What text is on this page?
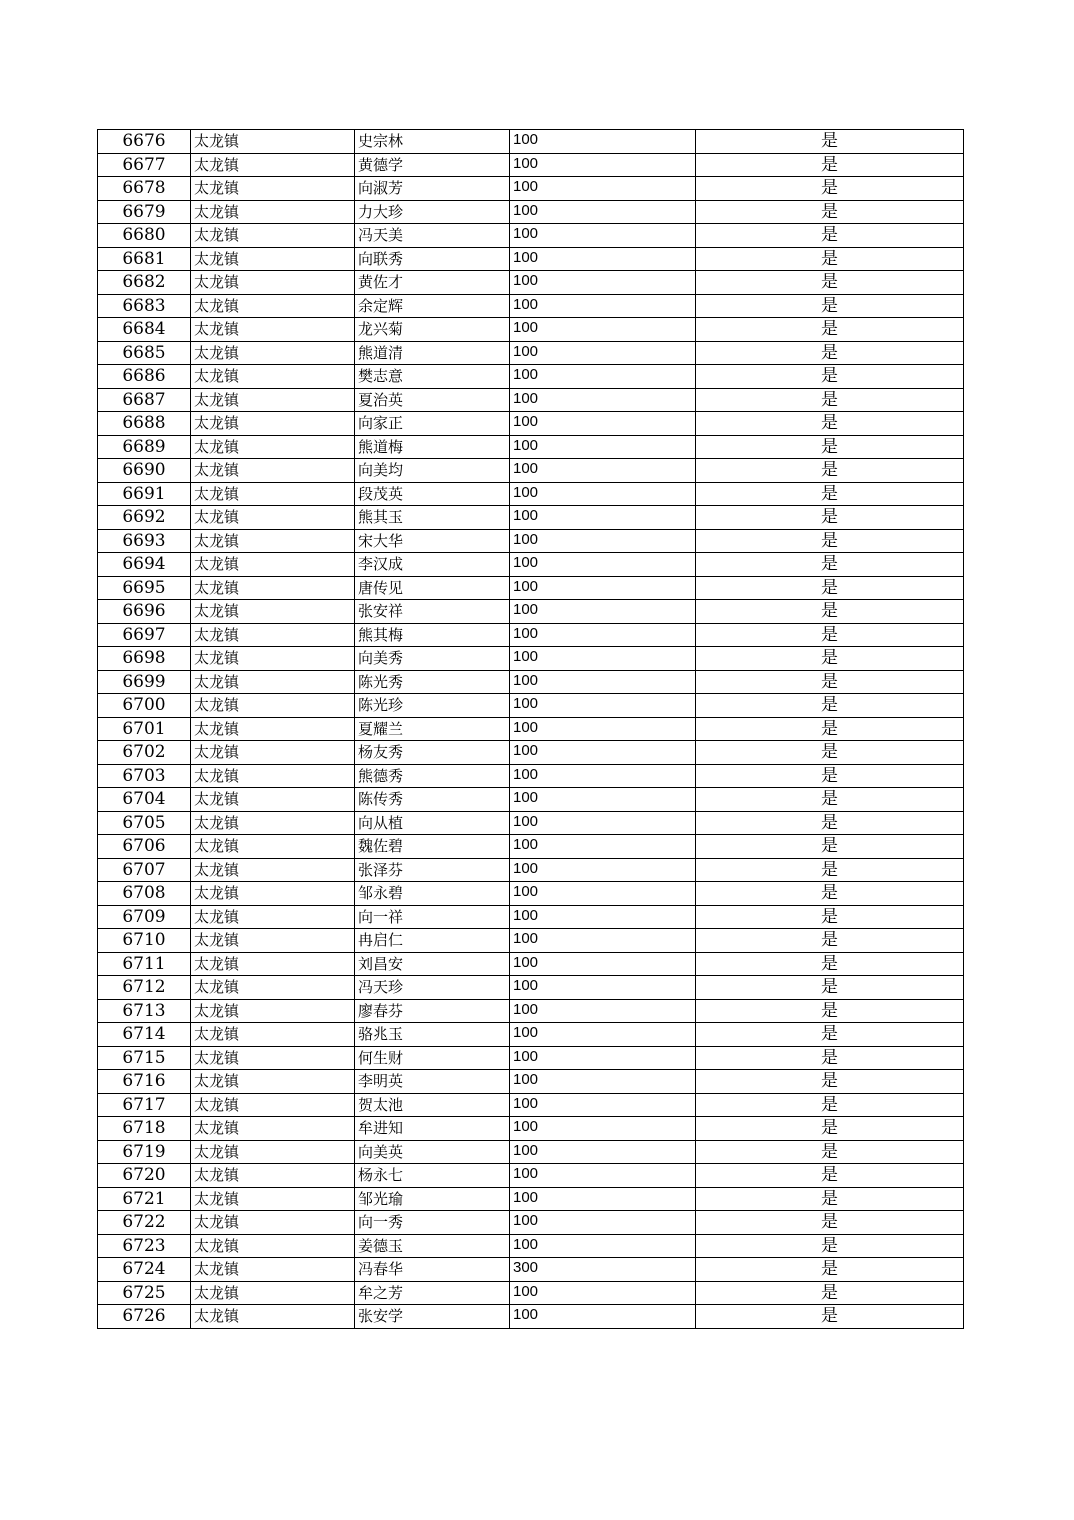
6676	太龙镇	史宗林	100	是
6677	太龙镇	黄德学	100	是
6678	太龙镇	向淑芳	100	是
6679	太龙镇	力大珍	100	是
6680	太龙镇	冯天美	100	是
6681	太龙镇	向联秀	100	是
6682	太龙镇	黄佐才	100	是
6683	太龙镇	余定辉	100	是
6684	太龙镇	龙兴菊	100	是
6685	太龙镇	熊道清	100	是
6686	太龙镇	樊志意	100	是
6687	太龙镇	夏治英	100	是
6688	太龙镇	向家正	100	是
6689	太龙镇	熊道梅	100	是
6690	太龙镇	向美均	100	是
6691	太龙镇	段茂英	100	是
6692	太龙镇	熊其玉	100	是
6693	太龙镇	宋大华	100	是
6694	太龙镇	李汉成	100	是
6695	太龙镇	唐传见	100	是
6696	太龙镇	张安祥	100	是
6697	太龙镇	熊其梅	100	是
6698	太龙镇	向美秀	100	是
6699	太龙镇	陈光秀	100	是
6700	太龙镇	陈光珍	100	是
6701	太龙镇	夏耀兰	100	是
6702	太龙镇	杨友秀	100	是
6703	太龙镇	熊德秀	100	是
6704	太龙镇	陈传秀	100	是
6705	太龙镇	向从植	100	是
6706	太龙镇	魏佐碧	100	是
6707	太龙镇	张泽芬	100	是
6708	太龙镇	邹永碧	100	是
6709	太龙镇	向一祥	100	是
6710	太龙镇	冉启仁	100	是
6711	太龙镇	刘昌安	100	是
6712	太龙镇	冯天珍	100	是
6713	太龙镇	廖春芬	100	是
6714	太龙镇	骆兆玉	100	是
6715	太龙镇	何生财	100	是
6716	太龙镇	李明英	100	是
6717	太龙镇	贺太池	100	是
6718	太龙镇	牟进知	100	是
6719	太龙镇	向美英	100	是
6720	太龙镇	杨永七	100	是
6721	太龙镇	邹光瑜	100	是
6722	太龙镇	向一秀	100	是
6723	太龙镇	姜德玉	100	是
6724	太龙镇	冯春华	300	是
6725	太龙镇	牟之芳	100	是
6726	太龙镇	张安学	100	是
